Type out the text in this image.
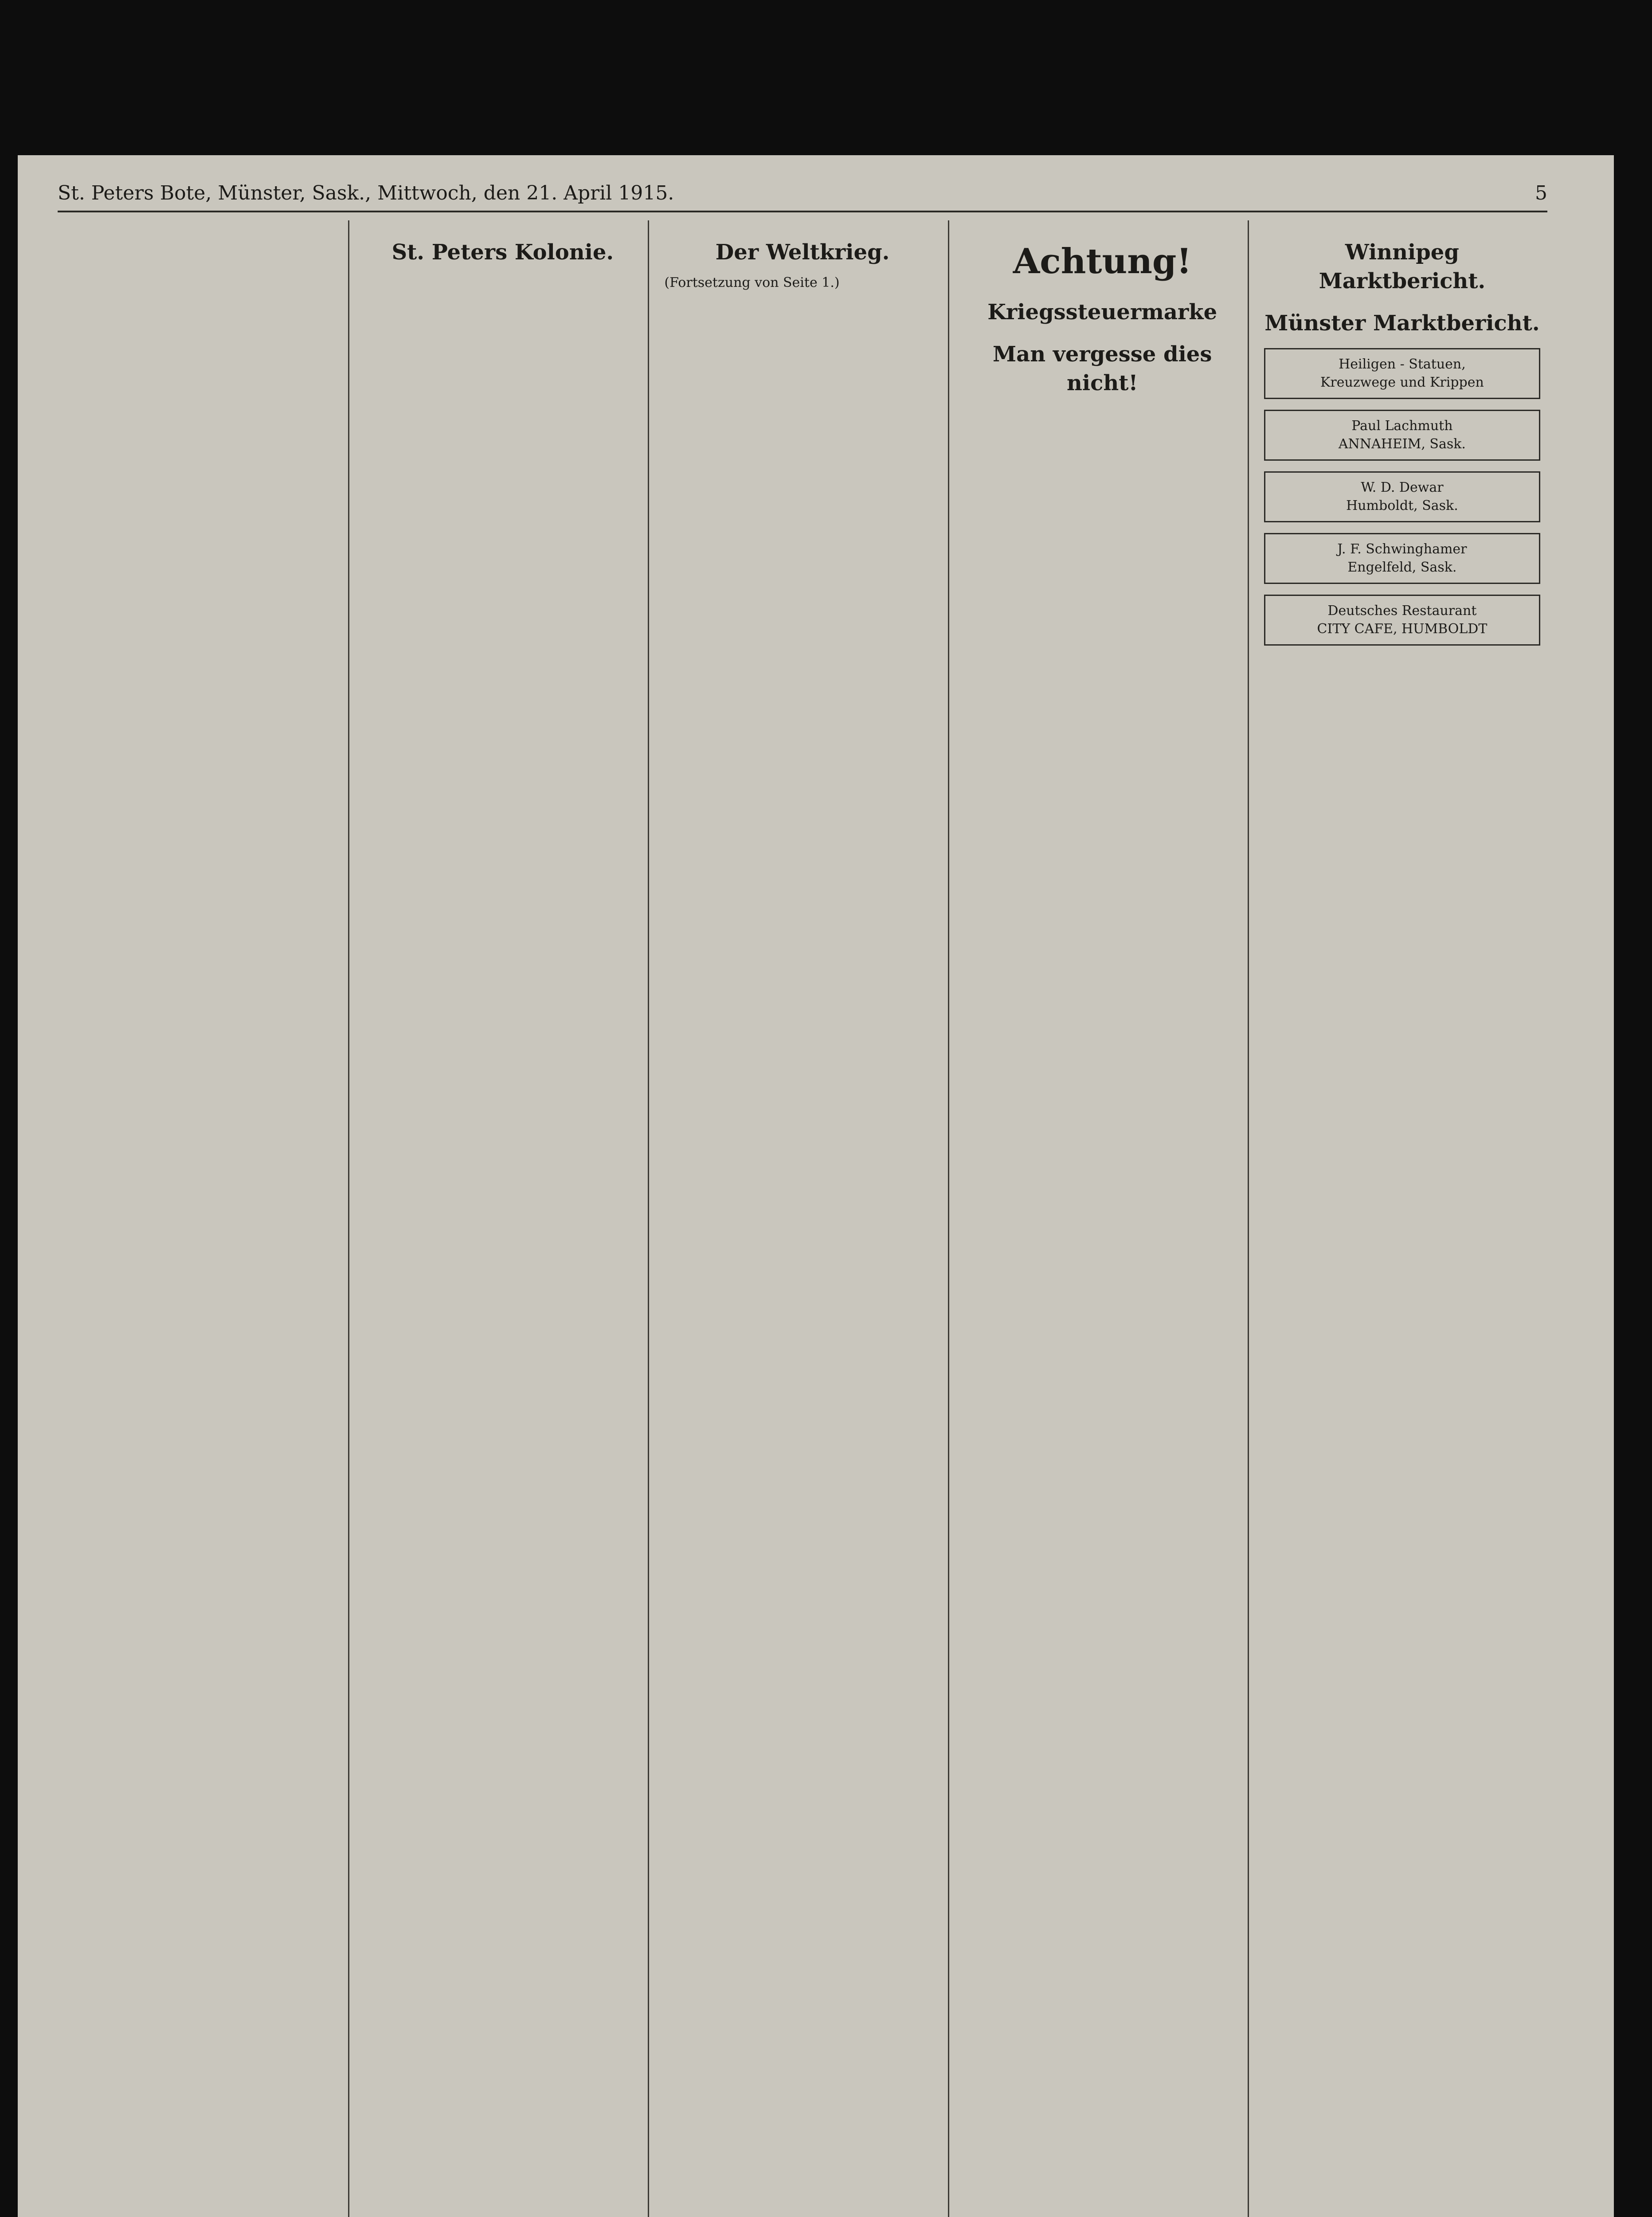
St. Peters Bote, Münster, Sask., Mittwoch, den 21. April 1915.	5
St. Peters Kolonie.	Der Weltkrieg.
(Fortsetzung von Seite 1.)
Achtung!
Kriegssteuermarke
Man vergesse dies nicht!
Winnipeg Marktbericht.
Münster Marktbericht.
Heiligen - Statuen,
Kreuzwege und Krippen
Paul Lachmuth
ANNAHEIM, Sask.
W. D. Dewar
Humboldt, Sask.
J. F. Schwinghamer
Engelfeld, Sask.
Deutsches Restaurant
CITY CAFE, HUMBOLDT
